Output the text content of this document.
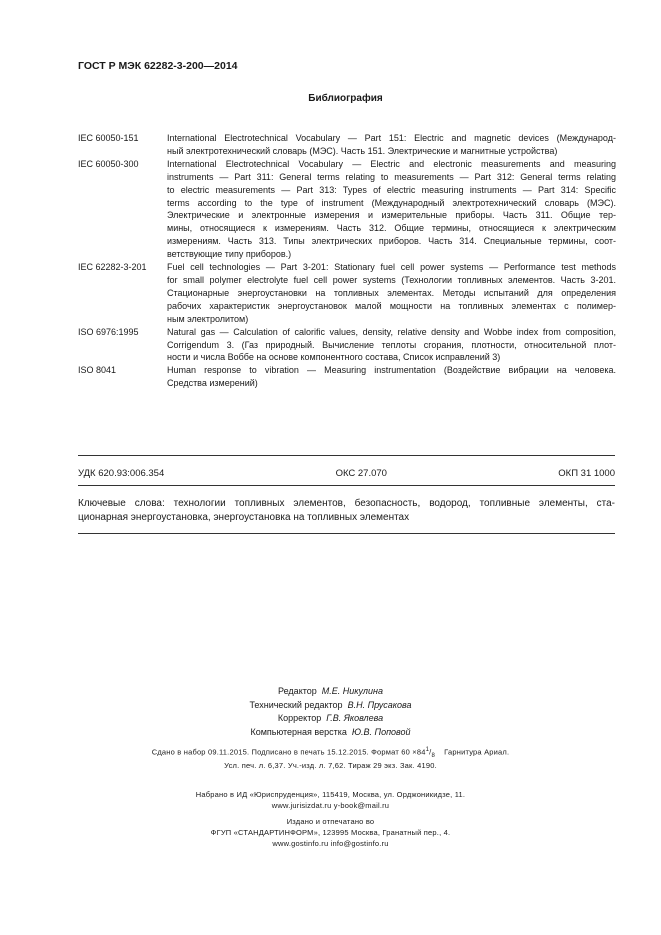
ГОСТ Р МЭК 62282-3-200—2014
Библиография
IEC 60050-151	International Electrotechnical Vocabulary — Part 151: Electric and magnetic devices (Международ-
ный электротехнический словарь (МЭС). Часть 151. Электрические и магнитные устройства)
IEC 60050-300	International Electrotechnical Vocabulary — Electric and electronic measurements and measuring
instruments — Part 311: General terms relating to measurements — Part 312: General terms relating
to electric measurements — Part 313: Types of electric measuring instruments — Part 314: Specific
terms according to the type of instrument (Международный электротехнический словарь (МЭС).
Электрические и электронные измерения и измерительные приборы. Часть 311. Общие тер-
мины, относящиеся к измерениям. Часть 312. Общие термины, относящиеся к электрическим
измерениям. Часть 313. Типы электрических приборов. Часть 314. Специальные термины, соот-
ветствующие типу приборов.)
IEC 62282-3-201	Fuel cell technologies — Part 3-201: Stationary fuel cell power systems — Performance test methods
for small polymer electrolyte fuel cell power systems (Технологии топливных элементов. Часть 3-201.
Стационарные энергоустановки на топливных элементах. Методы испытаний для определения
рабочих характеристик энергоустановок малой мощности на топливных элементах с полимер-
ным электролитом)
ISO 6976:1995	Natural gas — Calculation of calorific values, density, relative density and Wobbe index from composition,
Corrigendum 3. (Газ природный. Вычисление теплоты сгорания, плотности, относительной плот-
ности и числа Воббе на основе компонентного состава, Список исправлений 3)
ISO 8041	Human response to vibration — Measuring instrumentation (Воздействие вибрации на человека.
Средства измерений)
УДК 620.93:006.354	ОКС 27.070	ОКП 31 1000
Ключевые слова: технологии топливных элементов, безопасность, водород, топливные элементы, ста-
ционарная энергоустановка, энергоустановка на топливных элементах
Редактор М.Е. Никулина
Технический редактор В.Н. Прусакова
Корректор Г.В. Яковлева
Компьютерная верстка Ю.В. Поповой
Сдано в набор 09.11.2015. Подписано в печать 15.12.2015. Формат $60 \times 84^1/_8$ Гарнитура Ариал.
Усл. печ. л. 6,37. Уч.-изд. л. 7,62. Тираж 29 экз. Зак. 4190.
Набрано в ИД «Юриспруденция», 115419, Москва, ул. Орджоникидзе, 11.
www.jurisizdat.ru y-book@mail.ru
Издано и отпечатано во
ФГУП «СТАНДАРТИНФОРМ», 123995 Москва, Гранатный пер., 4.
www.gostinfo.ru info@gostinfo.ru
